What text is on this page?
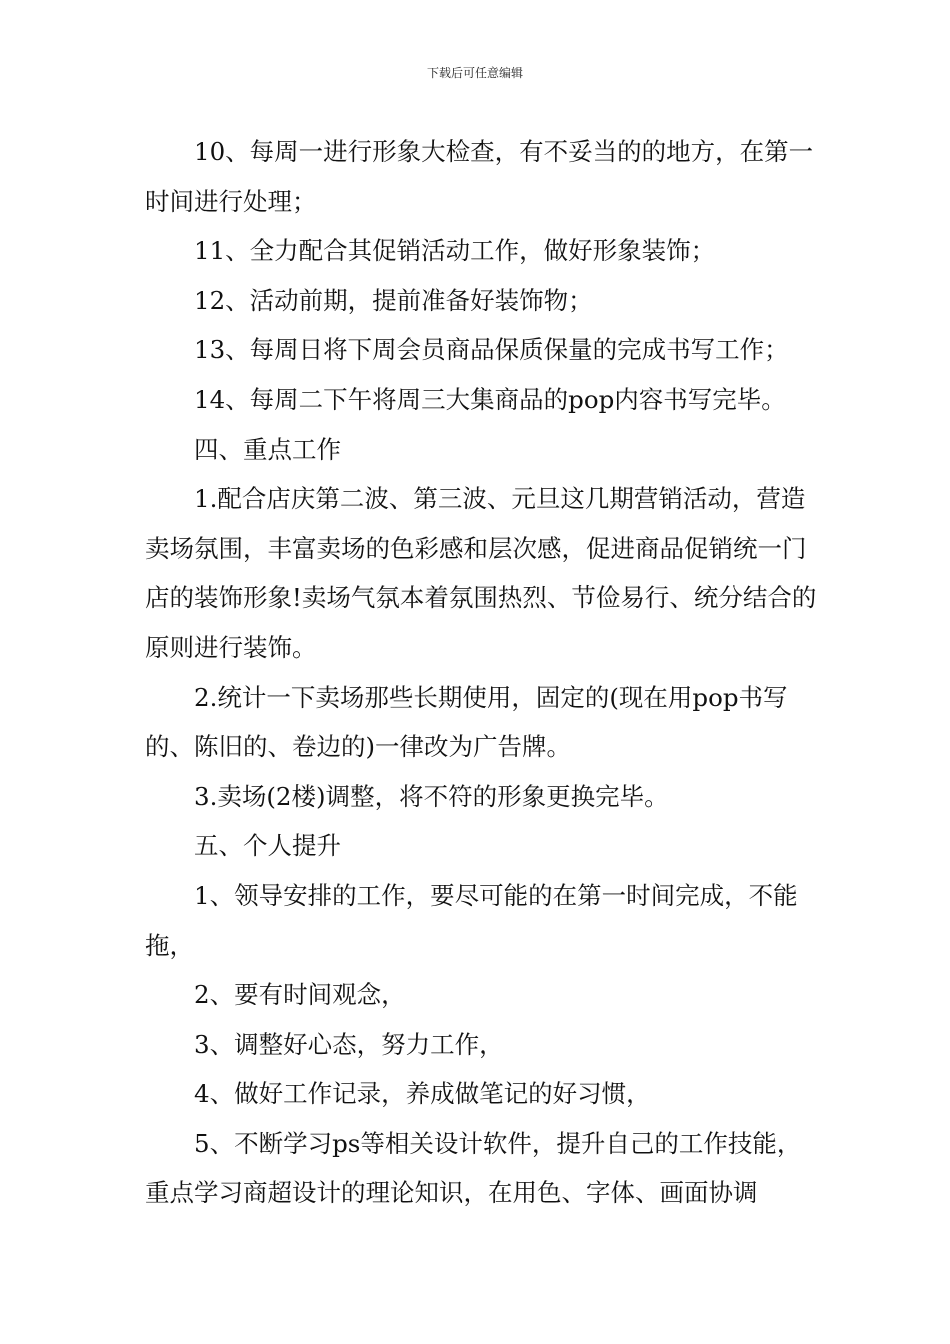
下载后可任意编辑

10、每周一进行形象大检查，有不妥当的的地方，在第一时间进行处理；

11、全力配合其促销活动工作，做好形象装饰；

12、活动前期，提前准备好装饰物；

13、每周日将下周会员商品保质保量的完成书写工作；

14、每周二下午将周三大集商品的pop内容书写完毕。

四、重点工作

1.配合店庆第二波、第三波、元旦这几期营销活动，营造卖场氛围，丰富卖场的色彩感和层次感，促进商品促销统一门店的装饰形象!卖场气氛本着氛围热烈、节俭易行、统分结合的原则进行装饰。

2.统计一下卖场那些长期使用，固定的(现在用pop书写的、陈旧的、卷边的)一律改为广告牌。

3.卖场(2楼)调整，将不符的形象更换完毕。

五、个人提升

1、领导安排的工作，要尽可能的在第一时间完成，不能拖，

2、要有时间观念，

3、调整好心态，努力工作，

4、做好工作记录，养成做笔记的好习惯，

5、不断学习ps等相关设计软件，提升自己的工作技能，重点学习商超设计的理论知识，在用色、字体、画面协调
